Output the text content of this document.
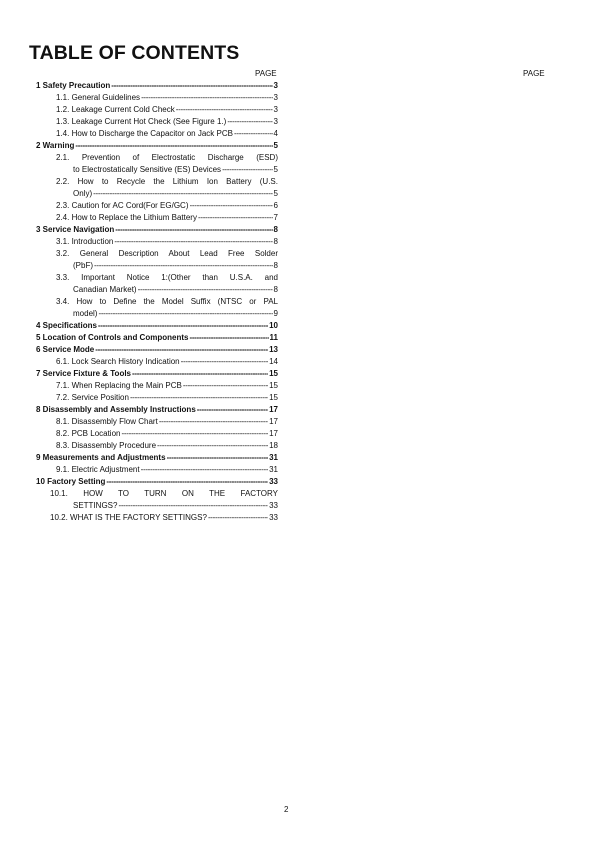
TABLE OF CONTENTS
PAGE	PAGE
1 Safety Precaution -----	3
1.1. General Guidelines -----	3
1.2. Leakage Current Cold Check -----	3
1.3. Leakage Current Hot Check (See Figure 1.) -----	3
1.4. How to Discharge the Capacitor on Jack PCB -----	4
2 Warning -----	5
2.1. Prevention of Electrostatic Discharge (ESD)
to Electrostatically Sensitive (ES) Devices -----	5
2.2. How to Recycle the Lithium Ion Battery (U.S.
Only) -----	5
2.3. Caution for AC Cord(For EG/GC) -----	6
2.4. How to Replace the Lithium Battery -----	7
3 Service Navigation -----	8
3.1. Introduction -----	8
3.2. General Description About Lead Free Solder
(PbF) -----	8
3.3. Important Notice 1:(Other than U.S.A. and
Canadian Market) -----	8
3.4. How to Define the Model Suffix (NTSC or PAL
model) -----	9
4 Specifications -----	10
5 Location of Controls and Components -----	11
6 Service Mode -----	13
6.1. Lock Search History Indication -----	14
7 Service Fixture & Tools -----	15
7.1. When Replacing the Main PCB -----	15
7.2. Service Position -----	15
8 Disassembly and Assembly Instructions -----	17
8.1. Disassembly Flow Chart -----	17
8.2. PCB Location -----	17
8.3. Disassembly Procedure -----	18
9 Measurements and Adjustments -----	31
9.1. Electric Adjustment -----	31
10 Factory Setting -----	33
10.1. HOW TO TURN ON THE FACTORY
SETTINGS? -----	33
10.2. WHAT IS THE FACTORY SETTINGS? -----	33
2
